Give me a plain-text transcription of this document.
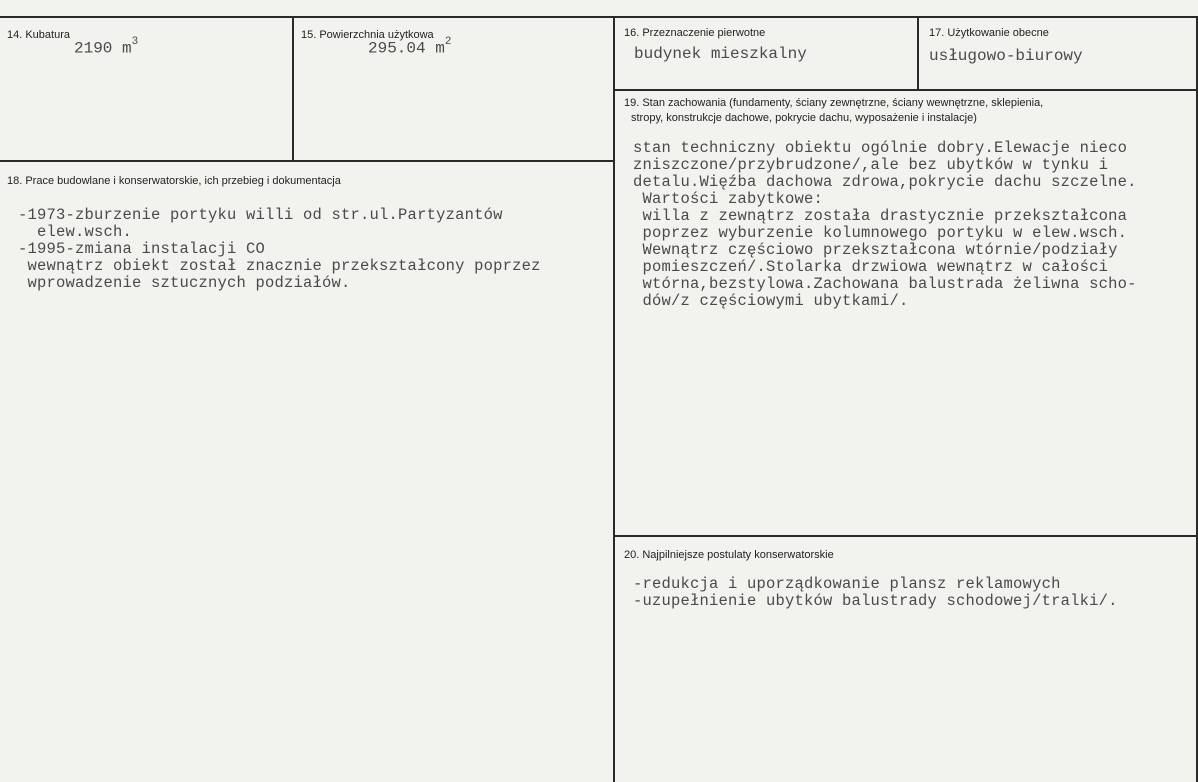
14. Kubatura
2190 $m^3$
15. Powierzchnia użytkowa
295.04 $m^2$
16. Przeznaczenie pierwotne
budynek mieszkalny
17. Użytkowanie obecne
usługowo-biurowy
18. Prace budowlane i konserwatorskie, ich przebieg i dokumentacja
-1973-zburzenie portyku willi od str.ul.Partyzantów
elew.wsch.
-1995-zmiana instalacji CO
wewnątrz obiekt został znacznie przekształcony poprzez
wprowadzenie sztucznych podziałów.
19. Stan zachowania (fundamenty, ściany zewnętrzne, ściany wewnętrzne, sklepienia,
stropy, konstrukcje dachowe, pokrycie dachu, wyposażenie i instalacje)
stan techniczny obiektu ogólnie dobry.Elewacje nieco
zniszczone/przybrudzone/,ale bez ubytków w tynku i
detalu.Więźba dachowa zdrowa,pokrycie dachu szczelne.
Wartości zabytkowe:
willa z zewnątrz została drastycznie przekształcona
poprzez wyburzenie kolumnowego portyku w elew.wsch.
Wewnątrz częściowo przekształcona wtórnie/podziały
pomieszczeń/.Stolarka drzwiowa wewnątrz w całości
wtórna,bezstylowa.Zachowana balustrada żeliwna scho-
dów/z częściowymi ubytkami/.
20. Najpilniejsze postulaty konserwatorskie
-redukcja i uporządkowanie plansz reklamowych
-uzupełnienie ubytków balustrady schodowej/tralki/.
